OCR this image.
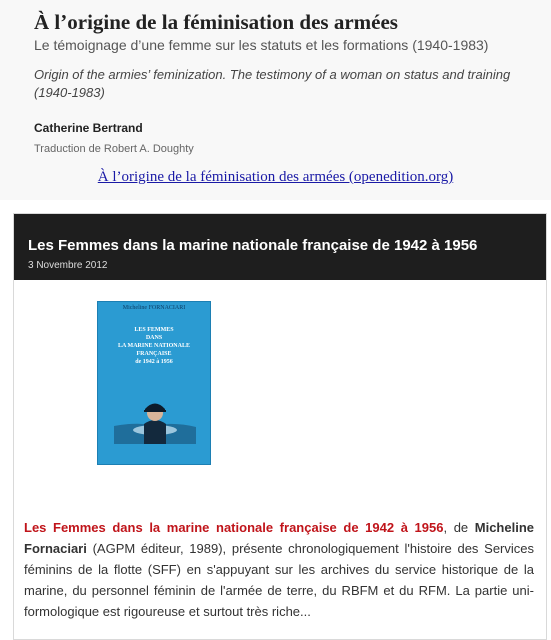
À l’origine de la féminisation des armées

Le témoignage d’une femme sur les statuts et les formations (1940-1983)

Origin of the armies’ feminization. The testimony of a woman on status and training (1940-1983)

Catherine Bertrand

Traduction de Robert A. Doughty

À l’origine de la féminisation des armées (openedition.org)
Les Femmes dans la marine nationale française de 1942 à 1956

3 Novembre 2012

Micheline FORNACIARI
LES FEMMES
DANS
LA MARINE NATIONALE
FRANÇAISE
de 1942 à 1956

Les Femmes dans la marine nationale française de 1942 à 1956, de Micheline Fornaciari (AGPM éditeur, 1989), présente chronologiquement l'histoire des Services féminins de la flotte (SFF) en s'appuyant sur les archives du service historique de la marine, du personnel féminin de l'armée de terre, du RBFM et du RFM. La partie uni-formologique est rigoureuse et surtout très riche...
